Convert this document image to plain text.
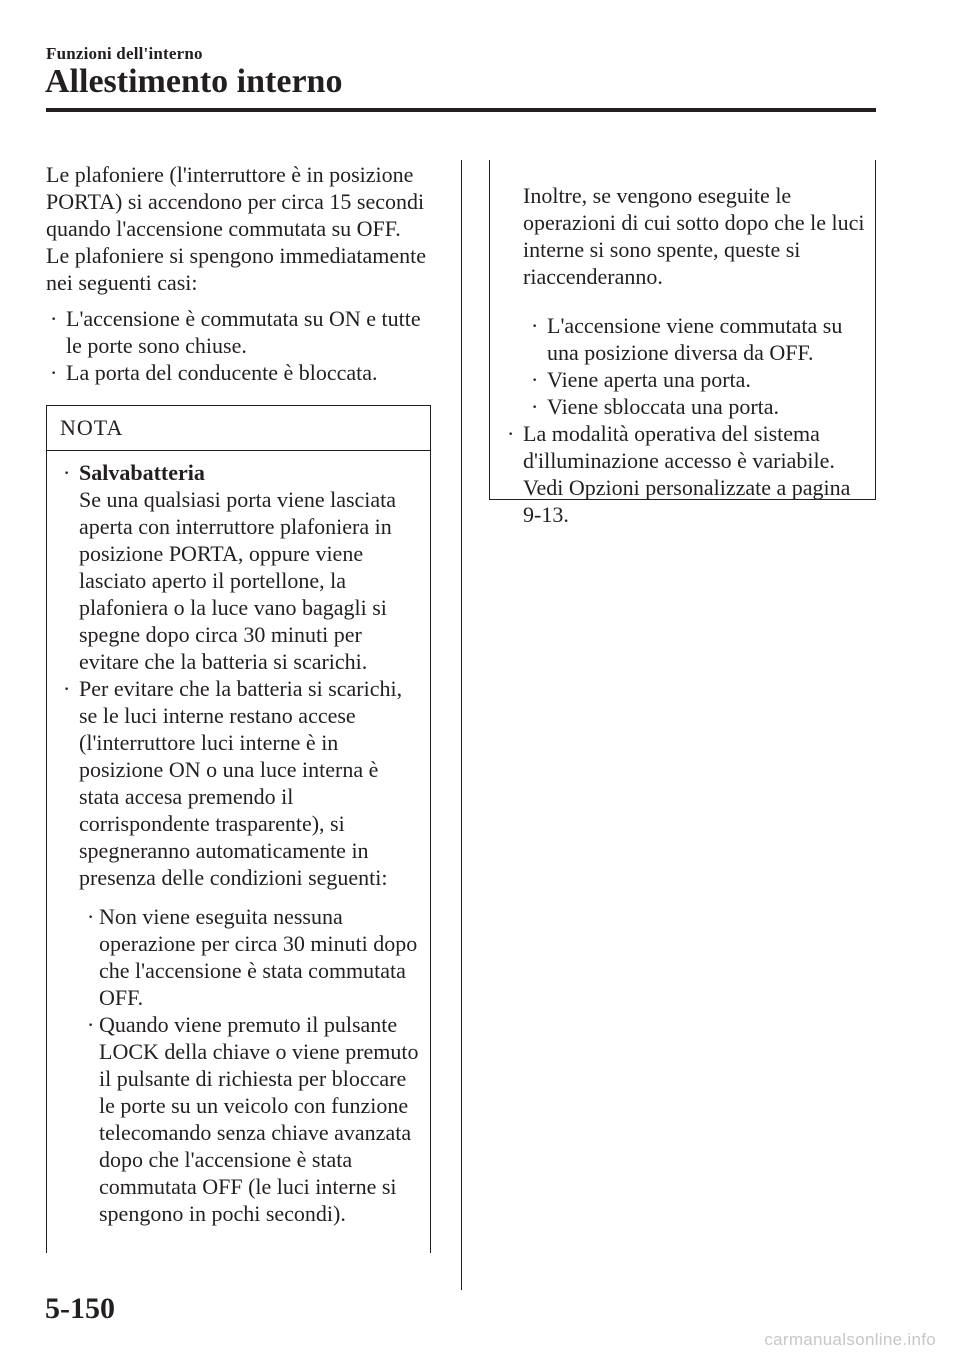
Funzioni dell'interno
Allestimento interno

Le plafoniere (l'interruttore è in posizione PORTA) si accendono per circa 15 secondi quando l'accensione commutata su OFF.

Le plafoniere si spengono immediatamente nei seguenti casi:

· L'accensione è commutata su ON e tutte le porte sono chiuse.
· La porta del conducente è bloccata.
NOTA
· Salvabatteria
Se una qualsiasi porta viene lasciata aperta con interruttore plafoniera in posizione PORTA, oppure viene lasciato aperto il portellone, la plafoniera o la luce vano bagagli si spegne dopo circa 30 minuti per evitare che la batteria si scarichi.
· Per evitare che la batteria si scarichi, se le luci interne restano accese (l'interruttore luci interne è in posizione ON o una luce interna è stata accesa premendo il corrispondente trasparente), si spegneranno automaticamente in presenza delle condizioni seguenti:
· Non viene eseguita nessuna operazione per circa 30 minuti dopo che l'accensione è stata commutata OFF.
· Quando viene premuto il pulsante LOCK della chiave o viene premuto il pulsante di richiesta per bloccare le porte su un veicolo con funzione telecomando senza chiave avanzata dopo che l'accensione è stata commutata OFF (le luci interne si spengono in pochi secondi).

Inoltre, se vengono eseguite le operazioni di cui sotto dopo che le luci interne si sono spente, queste si riaccenderanno.

· L'accensione viene commutata su una posizione diversa da OFF.
· Viene aperta una porta.
· Viene sbloccata una porta.
· La modalità operativa del sistema d'illuminazione accesso è variabile. Vedi Opzioni personalizzate a pagina 9-13.
5-150
carmanualsonline.info
